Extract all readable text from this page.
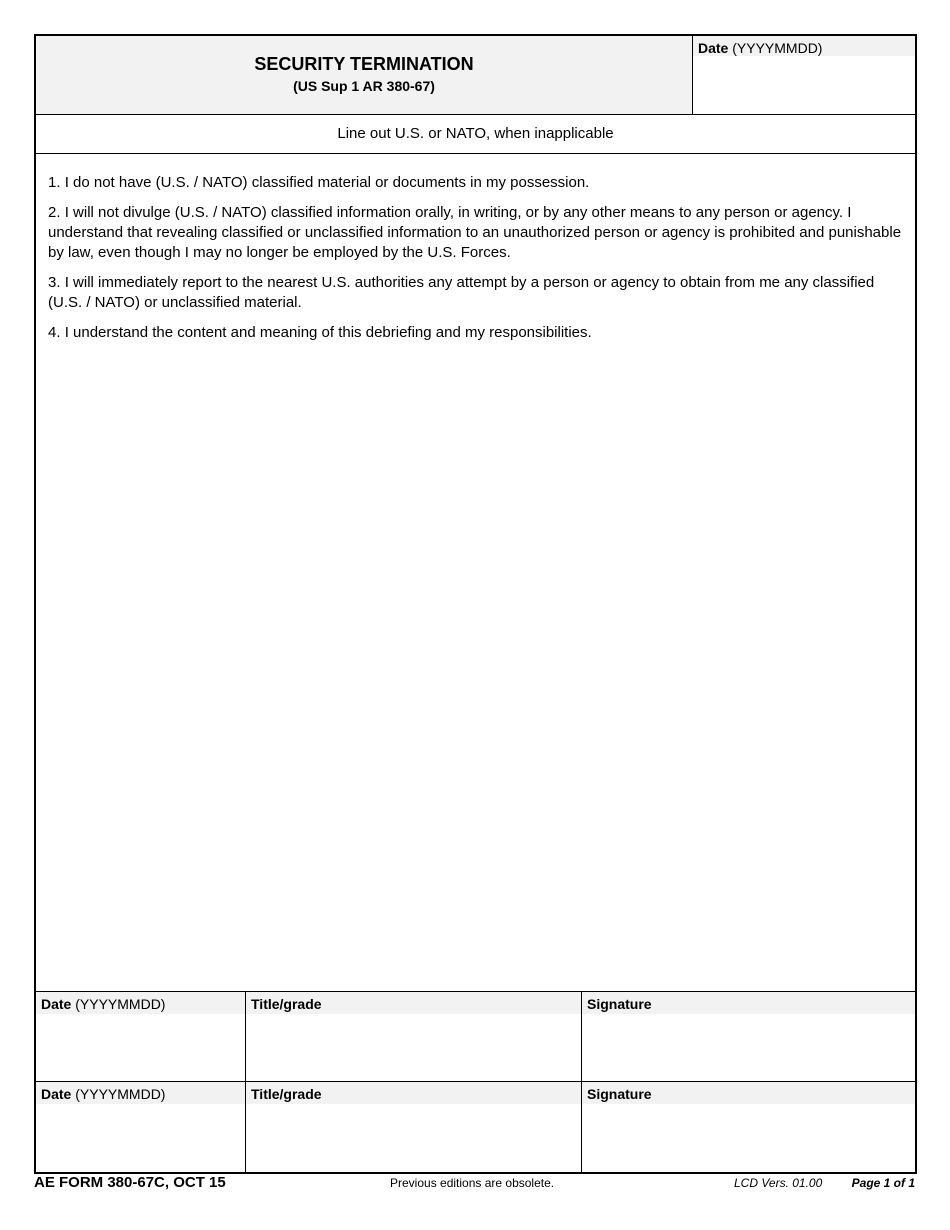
SECURITY TERMINATION
(US Sup 1 AR 380-67)
Date (YYYYMMDD)
Line out U.S. or NATO, when inapplicable

1. I do not have (U.S. / NATO) classified material or documents in my possession.

2. I will not divulge (U.S. / NATO) classified information orally, in writing, or by any other means to any person or agency. I understand that revealing classified or unclassified information to an unauthorized person or agency is prohibited and punishable by law, even though I may no longer be employed by the U.S. Forces.

3. I will immediately report to the nearest U.S. authorities any attempt by a person or agency to obtain from me any classified (U.S. / NATO) or unclassified material.

4. I understand the content and meaning of this debriefing and my responsibilities.

Date (YYYYMMDD)	Title/grade	Signature
Date (YYYYMMDD)	Title/grade	Signature
AE FORM 380-67C, OCT 15	Previous editions are obsolete.	LCD Vers. 01.00 Page 1 of 1
